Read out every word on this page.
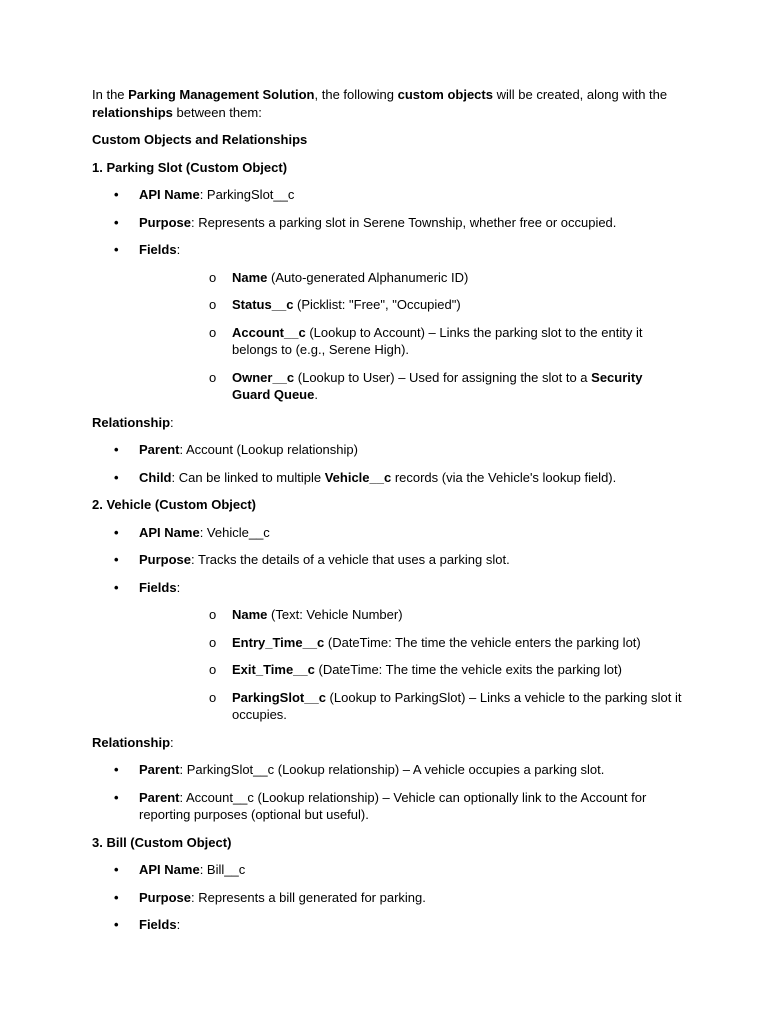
In the Parking Management Solution, the following custom objects will be created, along with the relationships between them:

Custom Objects and Relationships

1. Parking Slot (Custom Object)

• API Name: ParkingSlot__c
• Purpose: Represents a parking slot in Serene Township, whether free or occupied.
• Fields:
o Name (Auto-generated Alphanumeric ID)
o Status__c (Picklist: "Free", "Occupied")
o Account__c (Lookup to Account) – Links the parking slot to the entity it belongs to (e.g., Serene High).
o Owner__c (Lookup to User) – Used for assigning the slot to a Security Guard Queue.

Relationship:

• Parent: Account (Lookup relationship)
• Child: Can be linked to multiple Vehicle__c records (via the Vehicle's lookup field).

2. Vehicle (Custom Object)

• API Name: Vehicle__c
• Purpose: Tracks the details of a vehicle that uses a parking slot.
• Fields:
o Name (Text: Vehicle Number)
o Entry_Time__c (DateTime: The time the vehicle enters the parking lot)
o Exit_Time__c (DateTime: The time the vehicle exits the parking lot)
o ParkingSlot__c (Lookup to ParkingSlot) – Links a vehicle to the parking slot it occupies.

Relationship:

• Parent: ParkingSlot__c (Lookup relationship) – A vehicle occupies a parking slot.
• Parent: Account__c (Lookup relationship) – Vehicle can optionally link to the Account for reporting purposes (optional but useful).

3. Bill (Custom Object)

• API Name: Bill__c
• Purpose: Represents a bill generated for parking.
• Fields:
